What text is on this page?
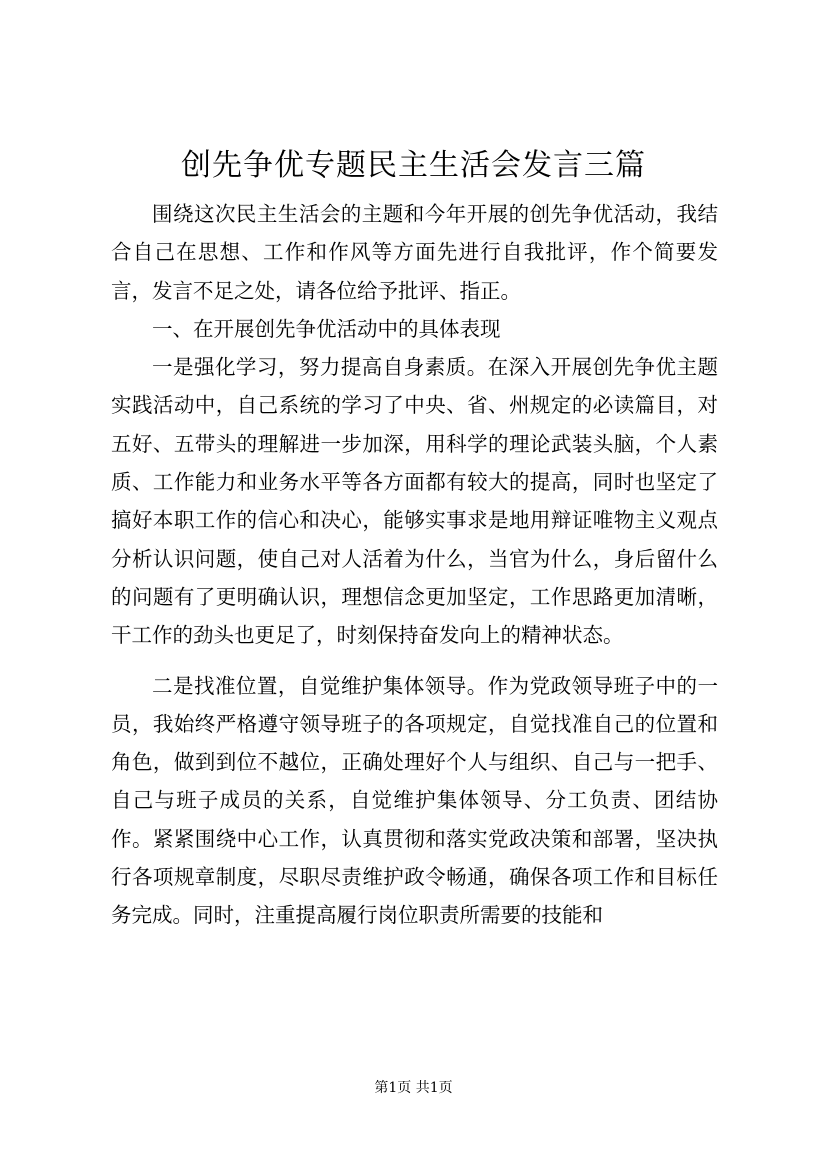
创先争优专题民主生活会发言三篇

围绕这次民主生活会的主题和今年开展的创先争优活动，我结合自己在思想、工作和作风等方面先进行自我批评，作个简要发言，发言不足之处，请各位给予批评、指正。

一、在开展创先争优活动中的具体表现

一是强化学习，努力提高自身素质。在深入开展创先争优主题实践活动中，自己系统的学习了中央、省、州规定的必读篇目，对五好、五带头的理解进一步加深，用科学的理论武装头脑，个人素质、工作能力和业务水平等各方面都有较大的提高，同时也坚定了搞好本职工作的信心和决心，能够实事求是地用辩证唯物主义观点分析认识问题，使自己对人活着为什么，当官为什么，身后留什么的问题有了更明确认识，理想信念更加坚定，工作思路更加清晰，干工作的劲头也更足了，时刻保持奋发向上的精神状态。

二是找准位置，自觉维护集体领导。作为党政领导班子中的一员，我始终严格遵守领导班子的各项规定，自觉找准自己的位置和角色，做到到位不越位，正确处理好个人与组织、自己与一把手、自己与班子成员的关系，自觉维护集体领导、分工负责、团结协作。紧紧围绕中心工作，认真贯彻和落实党政决策和部署，坚决执行各项规章制度，尽职尽责维护政令畅通，确保各项工作和目标任务完成。同时，注重提高履行岗位职责所需要的技能和

第1页 共1页
